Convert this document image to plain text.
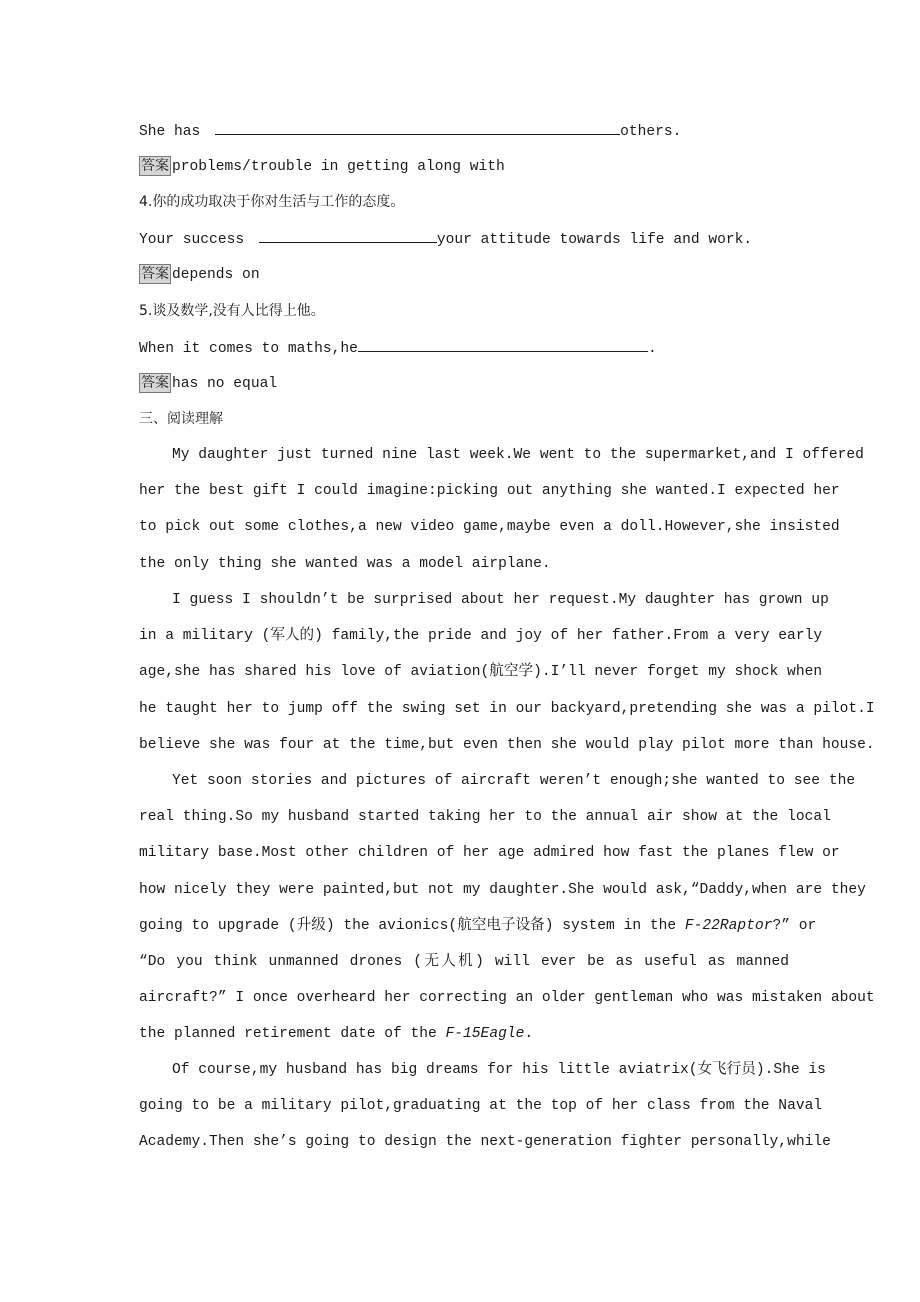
She has	others.
答案 problems/trouble in getting along with
4.你的成功取决于你对生活与工作的态度。
Your success	your attitude towards life and work.
答案 depends on
5.谈及数学,没有人比得上他。
When it comes to maths,he	.
答案 has no equal
三、阅读理解
My daughter just turned nine last week.We went to the supermarket,and I offered
her the best gift I could imagine:picking out anything she wanted.I expected her
to pick out some clothes,a new video game,maybe even a doll.However,she insisted
the only thing she wanted was a model airplane.
I guess I shouldn’t be surprised about her request.My daughter has grown up
in a military (军人的) family,the pride and joy of her father.From a very early
age,she has shared his love of aviation(航空学).I’ll never forget my shock when
he taught her to jump off the swing set in our backyard,pretending she was a pilot.I
believe she was four at the time,but even then she would play pilot more than house.
Yet soon stories and pictures of aircraft weren’t enough;she wanted to see the
real thing.So my husband started taking her to the annual air show at the local
military base.Most other children of her age admired how fast the planes flew or
how nicely they were painted,but not my daughter.She would ask,“Daddy,when are they
going to upgrade (升级) the avionics(航空电子设备) system in the F-22Raptor?” or
“Do you think unmanned drones (无人机) will ever be as useful as manned
aircraft?” I once overheard her correcting an older gentleman who was mistaken about
the planned retirement date of the F-15Eagle.
Of course,my husband has big dreams for his little aviatrix(女飞行员).She is
going to be a military pilot,graduating at the top of her class from the Naval
Academy.Then she’s going to design the next-generation fighter personally,while
